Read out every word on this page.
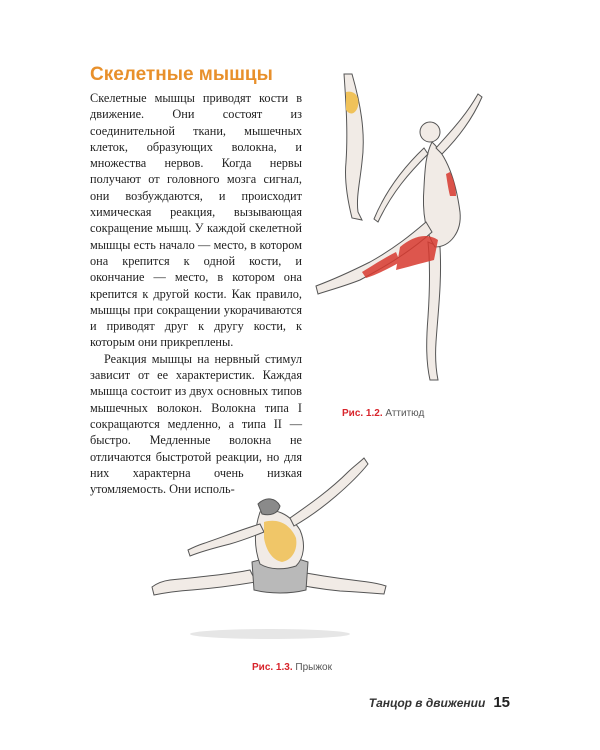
Скелетные мышцы

Скелетные мышцы приводят кости в движение. Они состоят из соединительной ткани, мышечных клеток, образующих волокна, и множества нервов. Когда нервы получают от головного мозга сигнал, они возбуждаются, и происходит химическая реакция, вызывающая сокращение мышц. У каждой скелетной мышцы есть начало — место, в котором она крепится к одной кости, и окончание — место, в котором она крепится к другой кости. Как правило, мышцы при сокращении укорачиваются и приводят друг к другу кости, к которым они прикреплены.

Реакция мышцы на нервный стимул зависит от ее характеристик. Каждая мышца состоит из двух основных типов мышечных волокон. Волокна типа I сокращаются медленно, а типа II — быстро. Медленные волокна не отличаются быстротой реакции, но для них характерна очень низкая утомляемость. Они исполь-

Рис. 1.2. Аттитюд
Рис. 1.3. Прыжок
Танцор в движении 15
